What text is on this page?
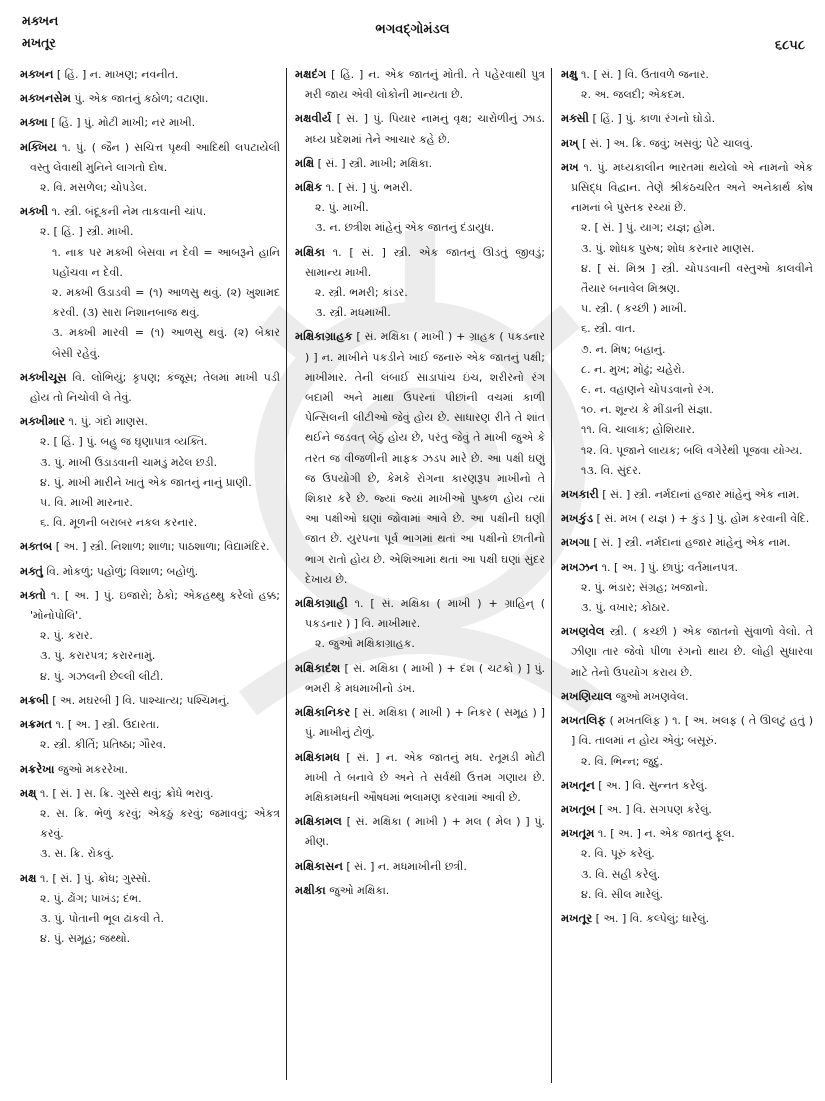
મક્ખન
મખતૂર
ભગવદ્ગોમંડલ
૬૮૫૮
મક્ખન [ હિં. ] ન. માખણ; નવનીત.
મક્ખનસેમ પું. એક જાતનું કઠોળ; વટાણા.
મક્ખા [ હિં. ] પું. મોટી માખી; નર માખી.
મક્ખિય ૧. પું. ( જૈન ) સચિત્ત પૃથ્વી આદિથી લપટાયેલી વસ્તુ લેવાથી મુનિને લાગતો દોષ.
૨. વિ. મસળેલ; ચોપડેલ.
મક્ખી ૧. સ્ત્રી. બંદૂકની નેમ તાકવાની ચાંપ.
૨. [ હિં. ] સ્ત્રી. માખી.
૧. નાક પર મક્ખી બેસવા ન દેવી = આબરૂને હાનિ પહોંચવા ન દેવી.
૨. મક્ખી ઉડાડવી = (૧) આળસુ થવું. (૨) ખુશામદ કરવી. (૩) સારા નિશાનબાજ થવું.
૩. મક્ખી મારવી = (૧) આળસુ થવું. (૨) બેકાર બેસી રહેવું.
મક્ખીચૂસ વિ. લોભિયું; કૃપણ; કંજૂસ; તેલમાં માખી પડી હોય તો નિચોવી લે તેવું.
મક્ખીમાર ૧. પું. ગંદો માણસ.
૨. [ હિં. ] પું. બહુ જ ઘૃણાપાત્ર વ્યક્તિ.
૩. પું. માખી ઉડાડવાની ચામડું મઢેલ છડી.
૪. પું. માખી મારીને ખાતું એક જાતનું નાનું પ્રાણી.
૫. વિ. માખી મારનાર.
૬. વિ. મૂળની બરાબર નકલ કરનાર.
મક્તબ [ અ. ] સ્ત્રી. નિશાળ; શાળા; પાઠશાળા; વિદ્યામંદિર.
મક્તું વિ. મોકળું; પહોળું; વિશાળ; બહોળું.
મક્તો ૧. [ અ. ] પું. ઇજારો; ઠેકો; એકહથ્થુ કરેલો હક્ક; 'મોનોપોલિ'.
૨. પું. કરાર.
૩. પું. કરારપત્ર; કરારનામું.
૪. પું. ગઝલની છેલ્લી લીટી.
મક્રબી [ અ. મઘરબી ] વિ. પાશ્ચાત્ય; પશ્ચિમનું.
મક્રમત ૧. [ અ. ] સ્ત્રી. ઉદારતા.
૨. સ્ત્રી. કીર્તિ; પ્રતિષ્ઠા; ગૌરવ.
મક્રરેખા જુઓ મકરરેખા.
મક્ષ્ ૧. [ સં. ] સ. ક્રિ. ગુસ્સે થવું; ક્રોધે ભરાવું.
૨. સ. ક્રિ. ભેળું કરવું; એકઠું કરવું; જમાવવું; એકત્ર કરવું.
૩. સ. ક્રિ. રોકવું.
મક્ષ ૧. [ સં. ] પું. ક્રોધ; ગુસ્સો.
૨. પું. ઢોંગ; પાખંડ; દંભ.
૩. પું. પોતાની ભૂલ ઢાંકવી તે.
૪. પું. સમૂહ; જથ્થો.
મક્ષદંગ [ હિં. ] ન. એક જાતનું મોતી. તે પહેરવાથી પુત્ર મરી જાય એવી લોકોની માન્યતા છે.
મક્ષવીર્ય [ સં. ] પું. પિયાર નામનું વૃક્ષ; ચારોળીનું ઝાડ. મધ્ય પ્રદેશમાં તેને આચાર કહે છે.
મક્ષિ [ સં. ] સ્ત્રી. માખી; મક્ષિકા.
મક્ષિક ૧. [ સં. ] પું. ભમરી.
૨. પું. માખી.
૩. ન. છત્રીશ માંહેનું એક જાતનું દંડાયુધ.
મક્ષિકા ૧. [ સં. ] સ્ત્રી. એક જાતનું ઊડતું જીવડું; સામાન્ય માખી.
૨. સ્ત્રી. ભમરી; કાંડર.
૩. સ્ત્રી. મધમાખી.
મક્ષિકાગ્રાહક [ સં. મક્ષિકા ( માખી ) + ગ્રાહક ( પકડનાર ) ] ન. માખીને પકડીને ખાઈ જનારું એક જાતનું પક્ષી; માખીમાર. તેની લંબાઈ સાડાપાંચ ઇંચ, શરીરનો રંગ બદામી અને માથા ઉપરનાં પીછાંની વચમાં કાળી પેન્સિલની લીટીઓ જેવું હોય છે. સાધારણ રીતે તે શાંત થઈને જડવત્ બેઠું હોય છે, પરંતુ જેવું તે માખી જુએ કે તરત જ વીજળીની માફક ઝડપ મારે છે. આ પક્ષી ઘણું જ ઉપયોગી છે, કેમકે રોગના કારણરૂપ માખીનો તે શિકાર કરે છે. જ્યાં જ્યાં માખીઓ પુષ્કળ હોય ત્યાં આ પક્ષીઓ ઘણાં જોવામાં આવે છે. આ પક્ષીની ઘણી જાત છે. યુરપના પૂર્વ ભાગમાં થતાં આ પક્ષીનો છાતીનો ભાગ રાતો હોય છે. એશિઆમાં થતાં આ પક્ષી ઘણાં સુંદર દેખાય છે.
મક્ષિકાગ્રાહી ૧. [ સં. મક્ષિકા ( માખી ) + ગ્રાહિન્ ( પકડનાર ) ] વિ. માખીમાર.
૨. જુઓ મક્ષિકાગ્રાહક.
મક્ષિકાદંશ [ સં. મક્ષિકા ( માખી ) + દંશ ( ચટકો ) ] પું. ભમરી કે મધમાખીનો ડંખ.
મક્ષિકાનિકર [ સં. મક્ષિકા ( માખી ) + નિકર ( સમૂહ ) ] પું. માખીનું ટોળું.
મક્ષિકામધ [ સં. ] ન. એક જાતનું મધ. રતૂમડી મોટી માખી તે બનાવે છે અને તે સર્વથી ઉત્તમ ગણાય છે. મક્ષિકામધની ઔષધમાં ભલામણ કરવામાં આવી છે.
મક્ષિકામલ [ સં. મક્ષિકા ( માખી ) + મલ ( મેલ ) ] પું. મીણ.
મક્ષિકાસન [ સં. ] ન. મધમાખીની છત્રી.
મક્ષીકા જુઓ મક્ષિકા.
મક્ષુ ૧. [ સં. ] વિ. ઉતાવળે જનાર.
૨. અ. જલદી; એકદમ.
મક્સી [ હિં. ] પું. કાળા રંગનો ઘોડો.
મખ્ [ સં. ] અ. ક્રિ. જવું; ખસવું; પેટે ચાલવું.
મખ ૧. પું. મધ્યકાલીન ભારતમાં થયેલો એ નામનો એક પ્રસિદ્ધ વિદ્વાન. તેણે શ્રીકંઠચરિત અને અનેકાર્થ કોષ નામનાં બે પુસ્તક રચ્યાં છે.
૨. [ સં. ] પું. યાગ; યજ્ઞ; હોમ.
૩. પું. શોધક પુરુષ; શોધ કરનાર માણસ.
૪. [ સં. મિશ્ર ] સ્ત્રી. ચોપડવાની વસ્તુઓ કાલવીને તૈયાર બનાવેલ મિશ્રણ.
૫. સ્ત્રી. ( કચ્છી ) માખી.
૬. સ્ત્રી. વાત.
૭. ન. મિષ; બહાનું.
૮. ન. મુખ; મોઢું; ચહેરો.
૯. ન. વહાણને ચોપડવાનો રંગ.
૧૦. ન. શૂન્ય કે મીંડાની સંજ્ઞા.
૧૧. વિ. ચાલાક; હોશિયાર.
૧૨. વિ. પૂજાને લાયક; બલિ વગેરેથી પૂજવા યોગ્ય.
૧૩. વિ. સુંદર.
મખકારી [ સં. ] સ્ત્રી. નર્મદાનાં હજાર માંહેનું એક નામ.
મખકુંડ [ સં. મખ ( યજ્ઞ ) + કુંડ ] પું. હોમ કરવાની વેદિ.
મખગા [ સં. ] સ્ત્રી. નર્મદાનાં હજાર માંહેનું એક નામ.
મખઝન ૧. [ અ. ] પું. છાપું; વર્તમાનપત્ર.
૨. પું. ભંડાર; સંગ્રહ; ખજાનો.
૩. પું. વખાર; કોઠાર.
મખણવેલ સ્ત્રી. ( કચ્છી ) એક જાતનો સુંવાળો વેલો. તે ઝીણા તાર જેવો પીળા રંગનો થાય છે. લોહી સુધારવા માટે તેનો ઉપયોગ કરાય છે.
મખણિયાલ જુઓ મખણવેલ.
મખતલિફ ( મખતલિફ઼ ) ૧. [ અ. ખલફ ( તે ઊલટું હતું ) ] વિ. તાલમાં ન હોય એવું; બસૂરું.
૨. વિ. ભિન્ન; જુદું.
મખતૂન [ અ. ] વિ. સુન્નત કરેલું.
મખતૂબ [ અ. ] વિ. સગપણ કરેલું.
મખતૂમ ૧. [ અ. ] ન. એક જાતનું ફૂલ.
૨. વિ. પૂરું કરેલું.
૩. વિ. સહી કરેલું.
૪. વિ. સીલ મારેલું.
મખતૂર [ અ. ] વિ. કલ્પેલું; ધારેલું.
